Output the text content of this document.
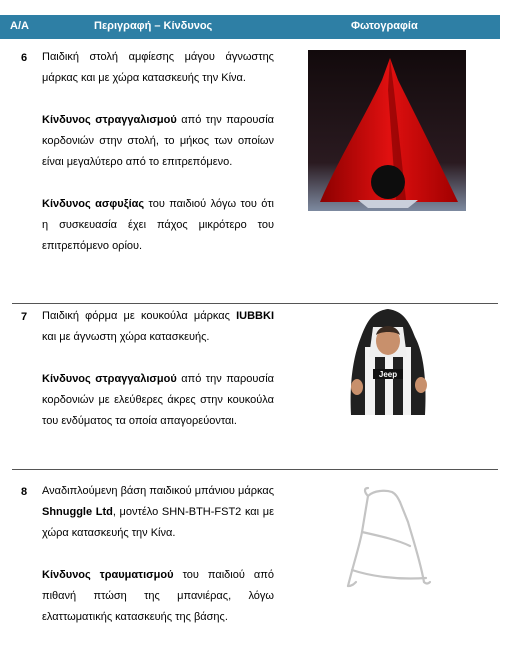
Α/Α	Περιγραφή – Κίνδυνος	Φωτογραφία
6 Παιδική στολή αμφίεσης μάγου άγνωστης μάρκας και με χώρα κατασκευής την Κίνα.

Κίνδυνος στραγγαλισμού από την παρουσία κορδονιών στην στολή, το μήκος των οποίων είναι μεγαλύτερο από το επιτρεπόμενο.

Κίνδυνος ασφυξίας του παιδιού λόγω του ότι η συσκευασία έχει πάχος μικρότερο του επιτρεπόμενο ορίου.

7 Παιδική φόρμα με κουκούλα μάρκας IUBBKI και με άγνωστη χώρα κατασκευής.

Κίνδυνος στραγγαλισμού από την παρουσία κορδονιών με ελεύθερες άκρες στην κουκούλα του ενδύματος τα οποία απαγορεύονται.

Jeep
8 Αναδιπλούμενη βάση παιδικού μπάνιου μάρκας Shnuggle Ltd, μοντέλο SHN-BTH-FST2 και με χώρα κατασκευής την Κίνα.

Κίνδυνος τραυματισμού του παιδιού από πιθανή πτώση της μπανιέρας, λόγω ελαττωματικής κατασκευής της βάσης.
